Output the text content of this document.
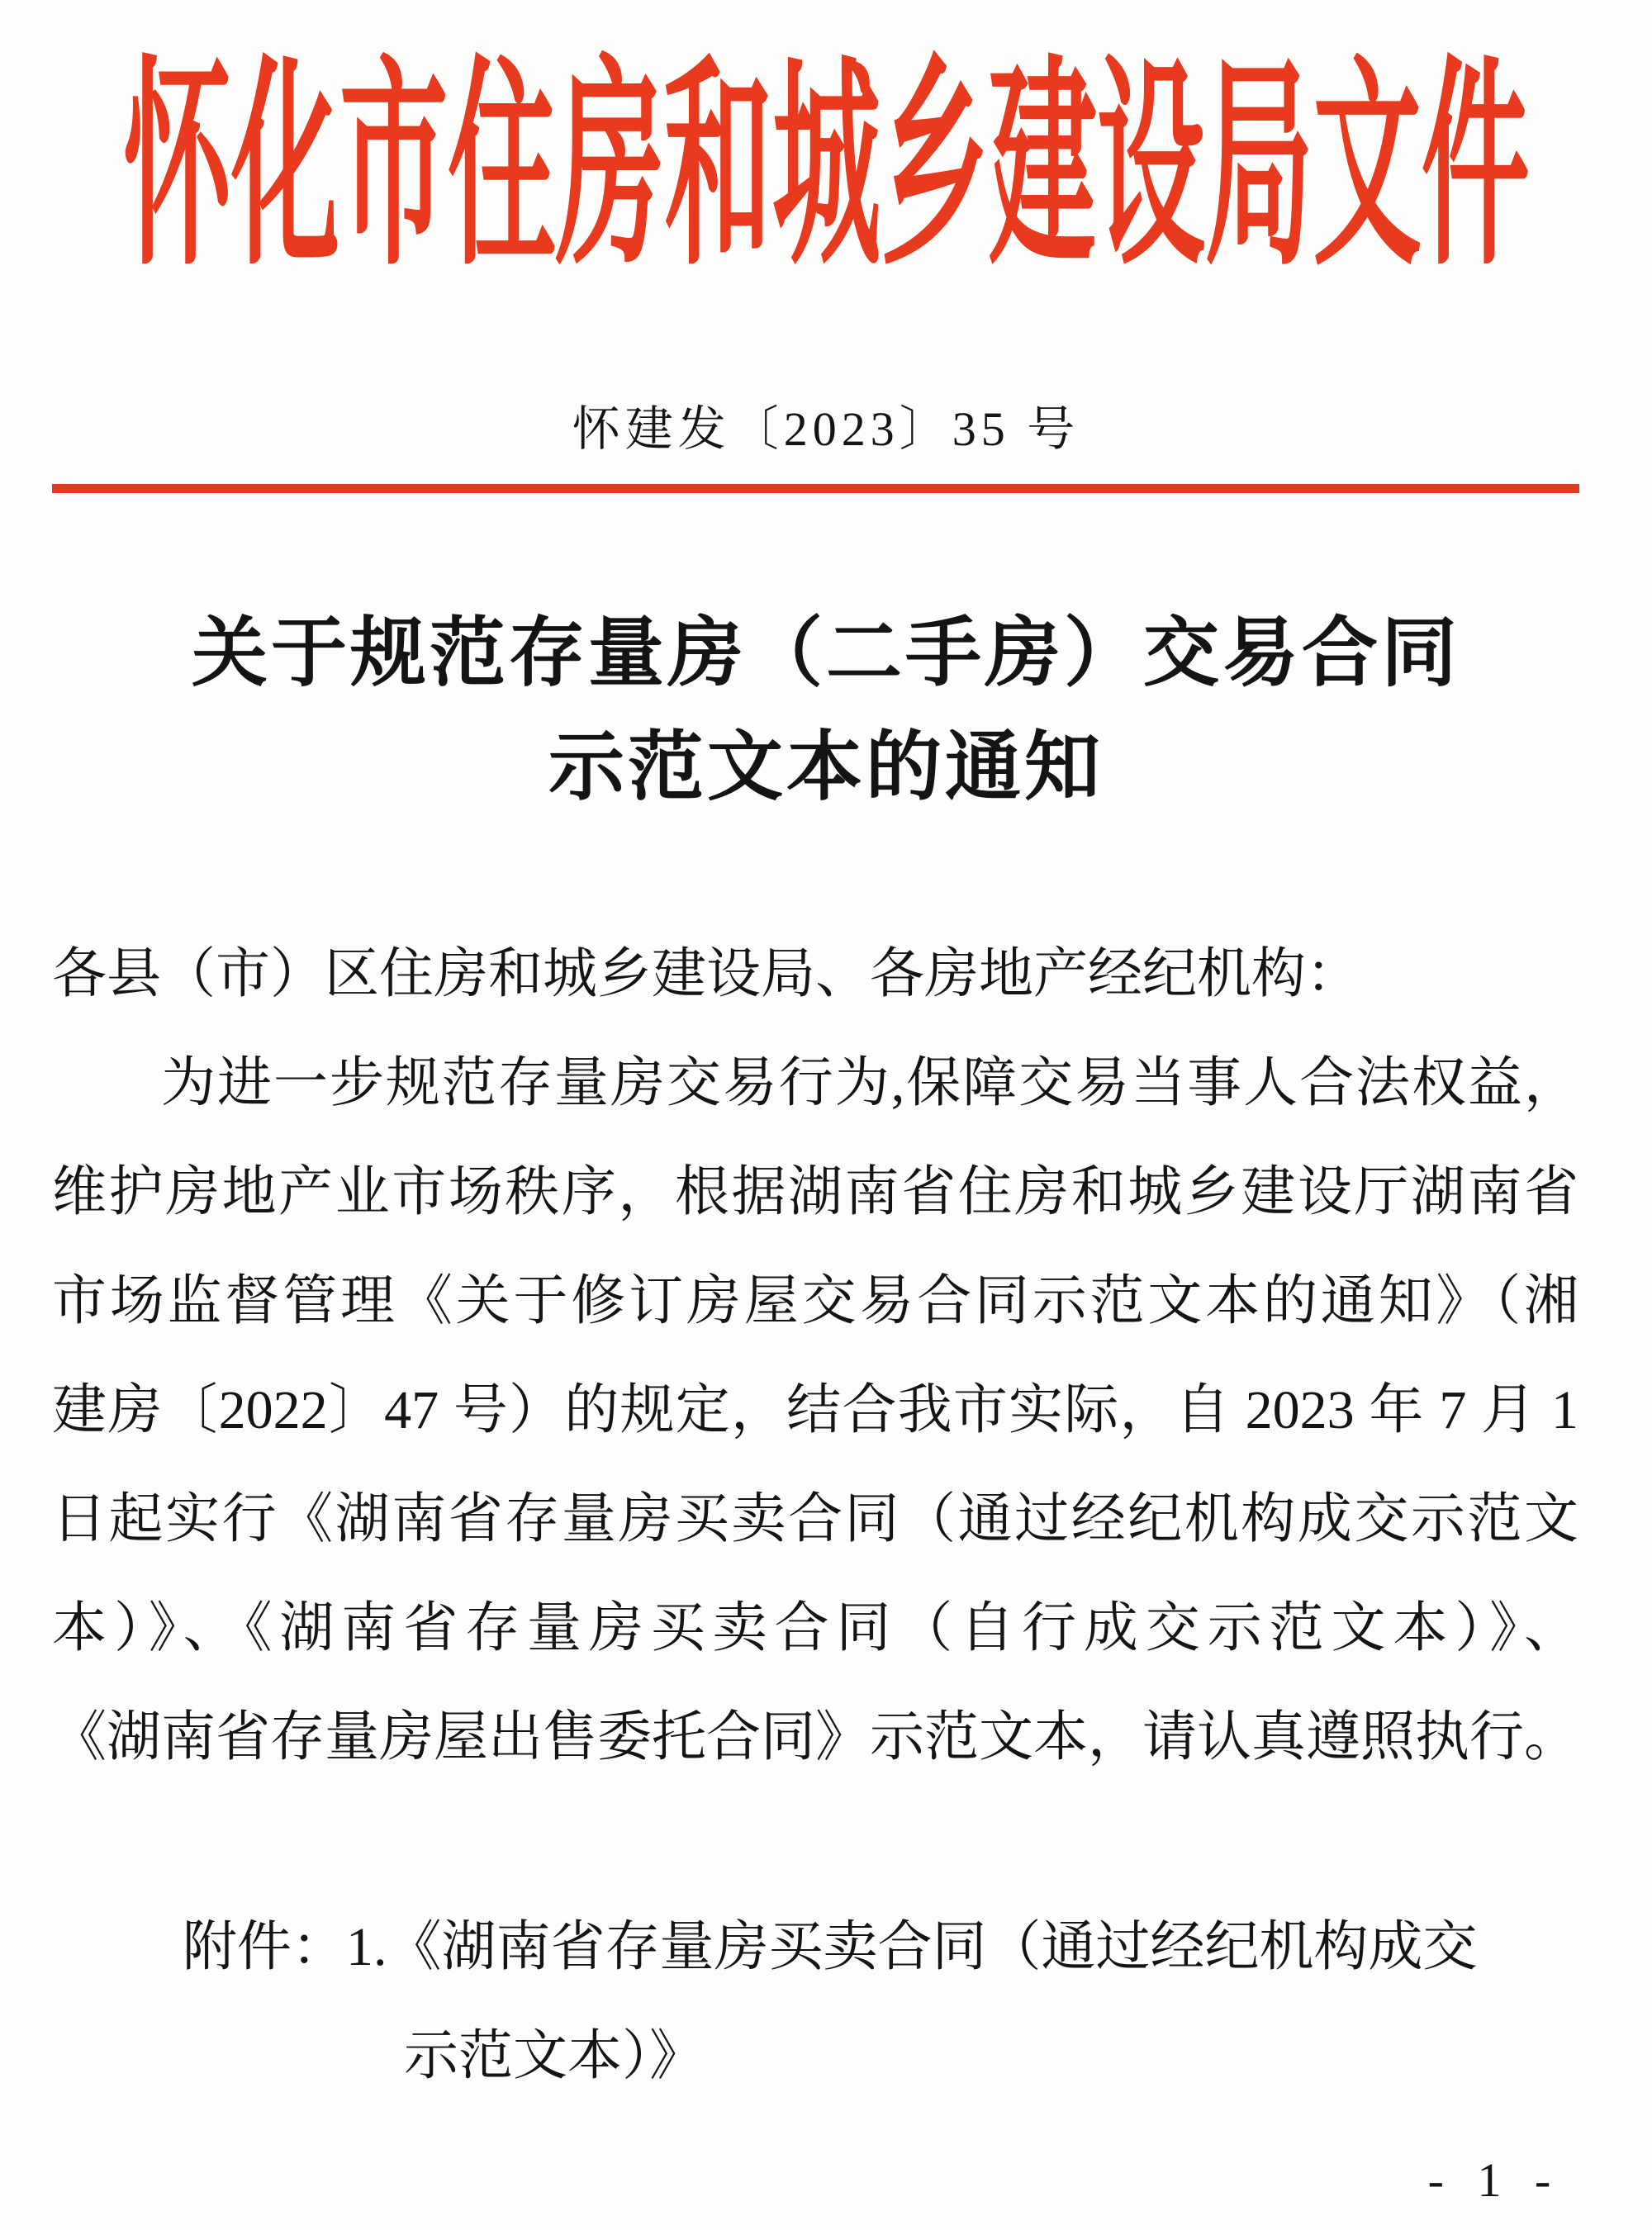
怀化市住房和城乡建设局文件
怀建发〔2023〕35 号
关于规范存量房（二手房）交易合同
示范文本的通知
各县（市）区住房和城乡建设局、各房地产经纪机构：
为进一步规范存量房交易行为,保障交易当事人合法权益，
维护房地产业市场秩序，根据湖南省住房和城乡建设厅湖南省
市场监督管理《关于修订房屋交易合同示范文本的通知》（湘
建房〔2022〕47 号）的规定，结合我市实际，自 2023 年 7 月 1
日起实行《湖南省存量房买卖合同（通过经纪机构成交示范文
本）》、《湖南省存量房买卖合同（自行成交示范文本）》、
《湖南省存量房屋出售委托合同》示范文本，请认真遵照执行。
附件：1.《湖南省存量房买卖合同（通过经纪机构成交
示范文本）》
- 1 -
